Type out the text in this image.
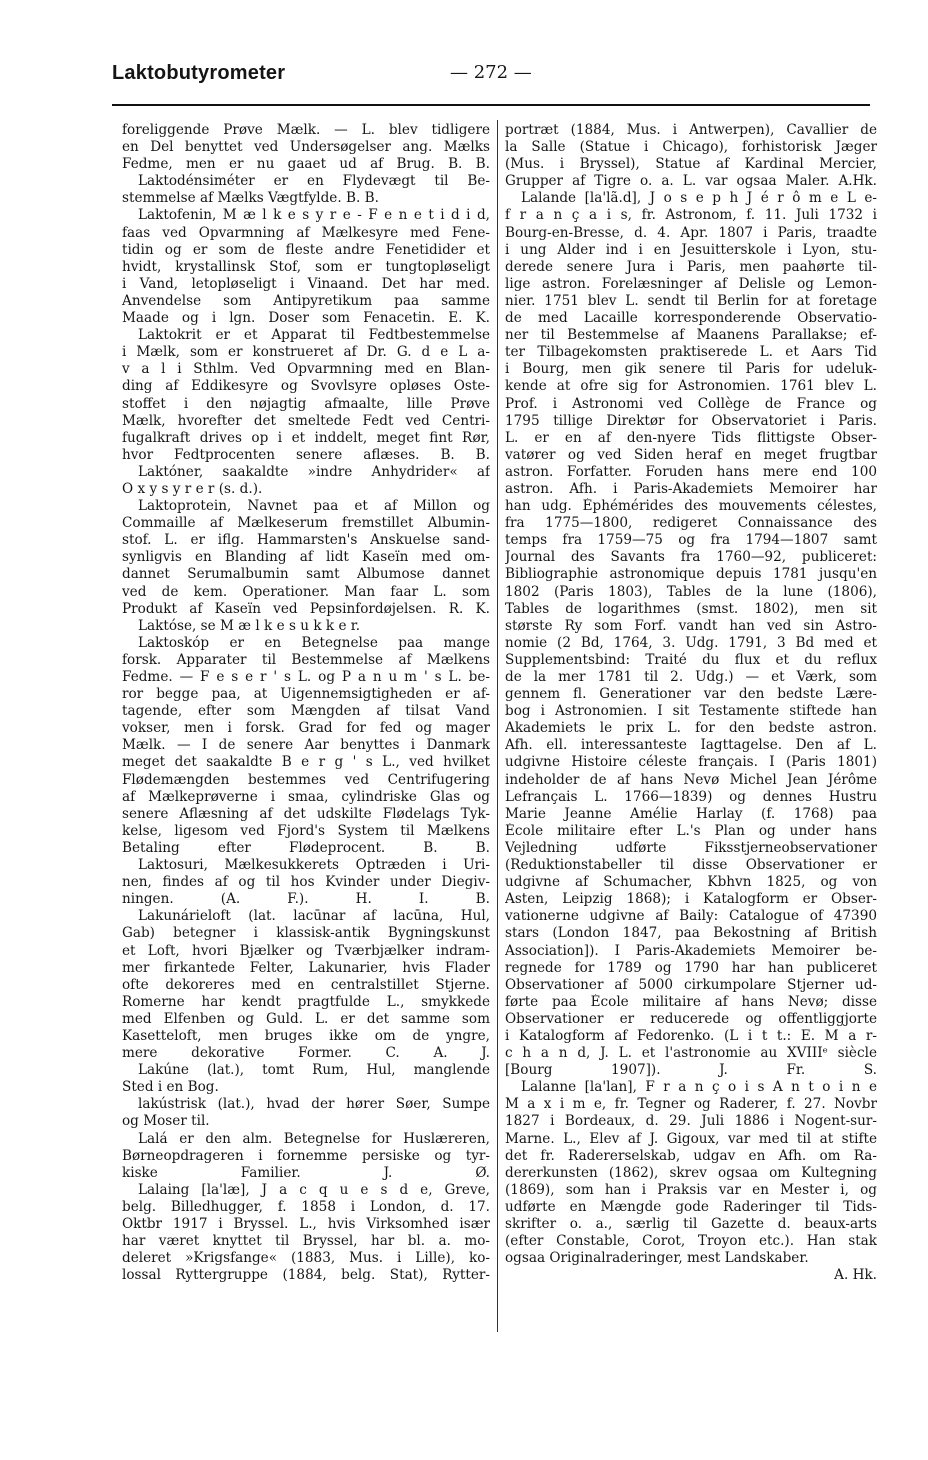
Laktobutyrometer	— 272 —
foreliggende Prøve Mælk. — L. blev tidligere
en Del benyttet ved Undersøgelser ang. Mælks
Fedme, men er nu gaaet ud af Brug. B. B.
Laktodénsiméter er en Flydevægt til Be-
stemmelse af Mælks Vægtfylde. B. B.
Laktofenin, M æ l k e s y r e - F e n e t i d i d,
faas ved Opvarmning af Mælkesyre med Fene-
tidin og er som de fleste andre Fenetidider et
hvidt, krystallinsk Stof, som er tungtopløseligt
i Vand, letopløseligt i Vinaand. Det har med.
Anvendelse som Antipyretikum paa samme
Maade og i lgn. Doser som Fenacetin. E. K.
Laktokrit er et Apparat til Fedtbestemmelse
i Mælk, som er konstrueret af Dr. G. d e L a-
v a l i Sthlm. Ved Opvarmning med en Blan-
ding af Eddikesyre og Svovlsyre opløses Oste-
stoffet i den nøjagtig afmaalte, lille Prøve
Mælk, hvorefter det smeltede Fedt ved Centri-
fugalkraft drives op i et inddelt, meget fint Rør,
hvor Fedtprocenten senere aflæses. B. B.
Laktóner, saakaldte »indre Anhydrider« af
O x y s y r e r (s. d.).
Laktoprotein, Navnet paa et af Millon og
Commaille af Mælkeserum fremstillet Albumin-
stof. L. er iflg. Hammarsten's Anskuelse sand-
synligvis en Blanding af lidt Kaseïn med om-
dannet Serumalbumin samt Albumose dannet
ved de kem. Operationer. Man faar L. som
Produkt af Kaseïn ved Pepsinfordøjelsen. R. K.
Laktóse, se M æ l k e s u k k e r.
Laktoskóp er en Betegnelse paa mange
forsk. Apparater til Bestemmelse af Mælkens
Fedme. — F e s e r ' s L. og P a n u m ' s L. be-
ror begge paa, at Uigennemsigtigheden er af-
tagende, efter som Mængden af tilsat Vand
vokser, men i forsk. Grad for fed og mager
Mælk. — I de senere Aar benyttes i Danmark
meget det saakaldte B e r g ' s L., ved hvilket
Flødemængden bestemmes ved Centrifugering
af Mælkeprøverne i smaa, cylindriske Glas og
senere Aflæsning af det udskilte Flødelags Tyk-
kelse, ligesom ved Fjord's System til Mælkens
Betaling efter Flødeprocent. B. B.
Laktosuri, Mælkesukkerets Optræden i Uri-
nen, findes af og til hos Kvinder under Diegiv-
ningen. (A. F.). H. I. B.
Lakunárieloft (lat. lacūnar af lacūna, Hul,
Gab) betegner i klassisk-antik Bygningskunst
et Loft, hvori Bjælker og Tværbjælker indram-
mer firkantede Felter, Lakunarier, hvis Flader
ofte dekoreres med en centralstillet Stjerne.
Romerne har kendt pragtfulde L., smykkede
med Elfenben og Guld. L. er det samme som
Kasetteloft, men bruges ikke om de yngre,
mere dekorative Former. C. A. J.
Lakúne (lat.), tomt Rum, Hul, manglende
Sted i en Bog.
lakústrisk (lat.), hvad der hører Søer, Sumpe
og Moser til.
Lalá er den alm. Betegnelse for Huslæreren,
Børneopdrageren i fornemme persiske og tyr-
kiske Familier. J. Ø.
Lalaing [la'læ], J a c q u e s d e, Greve,
belg. Billedhugger, f. 1858 i London, d. 17.
Oktbr 1917 i Bryssel. L., hvis Virksomhed især
har været knyttet til Bryssel, har bl. a. mo-
deleret »Krigsfange« (1883, Mus. i Lille), ko-
lossal Ryttergruppe (1884, belg. Stat), Rytter-
portræt (1884, Mus. i Antwerpen), Cavallier de
la Salle (Statue i Chicago), forhistorisk Jæger
(Mus. i Bryssel), Statue af Kardinal Mercier,
Grupper af Tigre o. a. L. var ogsaa Maler. A.Hk.
Lalande [la'lã.d], J o s e p h J é r ô m e L e-
f r a n ç a i s, fr. Astronom, f. 11. Juli 1732 i
Bourg-en-Bresse, d. 4. Apr. 1807 i Paris, traadte
i ung Alder ind i en Jesuitterskole i Lyon, stu-
derede senere Jura i Paris, men paahørte til-
lige astron. Forelæsninger af Delisle og Lemon-
nier. 1751 blev L. sendt til Berlin for at foretage
de med Lacaille korresponderende Observatio-
ner til Bestemmelse af Maanens Parallakse; ef-
ter Tilbagekomsten praktiserede L. et Aars Tid
i Bourg, men gik senere til Paris for udeluk-
kende at ofre sig for Astronomien. 1761 blev L.
Prof. i Astronomi ved Collège de France og
1795 tillige Direktør for Observatoriet i Paris.
L. er en af den-nyere Tids flittigste Obser-
vatører og ved Siden heraf en meget frugtbar
astron. Forfatter. Foruden hans mere end 100
astron. Afh. i Paris-Akademiets Memoirer har
han udg. Éphémérides des mouvements célestes,
fra 1775—1800, redigeret Connaissance des
temps fra 1759—75 og fra 1794—1807 samt
Journal des Savants fra 1760—92, publiceret:
Bibliographie astronomique depuis 1781 jusqu'en
1802 (Paris 1803), Tables de la lune (1806),
Tables de logarithmes (smst. 1802), men sit
største Ry som Forf. vandt han ved sin Astro-
nomie (2 Bd, 1764, 3. Udg. 1791, 3 Bd med et
Supplementsbind: Traité du flux et du reflux
de la mer 1781 til 2. Udg.) — et Værk, som
gennem fl. Generationer var den bedste Lære-
bog i Astronomien. I sit Testamente stiftede han
Akademiets le prix L. for den bedste astron.
Afh. ell. interessanteste Iagttagelse. Den af L.
udgivne Histoire céleste français. I (Paris 1801)
indeholder de af hans Nevø Michel Jean Jérôme
Lefrançais L. 1766—1839) og dennes Hustru
Marie Jeanne Amélie Harlay (f. 1768) paa
École militaire efter L.'s Plan og under hans
Vejledning udførte Fiksstjerneobservationer
(Reduktionstabeller til disse Observationer er
udgivne af Schumacher, Kbhvn 1825, og von
Asten, Leipzig 1868); i Katalogform er Obser-
vationerne udgivne af Baily: Catalogue of 47390
stars (London 1847, paa Bekostning af British
Association]). I Paris-Akademiets Memoirer be-
regnede for 1789 og 1790 har han publiceret
Observationer af 5000 cirkumpolare Stjerner ud-
førte paa École militaire af hans Nevø; disse
Observationer er reducerede og offentliggjorte
i Katalogform af Fedorenko. (L i t t.: E. M a r-
c h a n d, J. L. et l'astronomie au XVIIIᵉ siècle
[Bourg 1907]). J. Fr. S.
Lalanne [la'lan], F r a n ç o i s A n t o i n e
M a x i m e, fr. Tegner og Raderer, f. 27. Novbr
1827 i Bordeaux, d. 29. Juli 1886 i Nogent-sur-
Marne. L., Elev af J. Gigoux, var med til at stifte
det fr. Radererselskab, udgav en Afh. om Ra-
dererkunsten (1862), skrev ogsaa om Kultegning
(1869), som han i Praksis var en Mester i, og
udførte en Mængde gode Raderinger til Tids-
skrifter o. a., særlig til Gazette d. beaux-arts
(efter Constable, Corot, Troyon etc.). Han stak
ogsaa Originalraderinger, mest Landskaber.
A. Hk.
